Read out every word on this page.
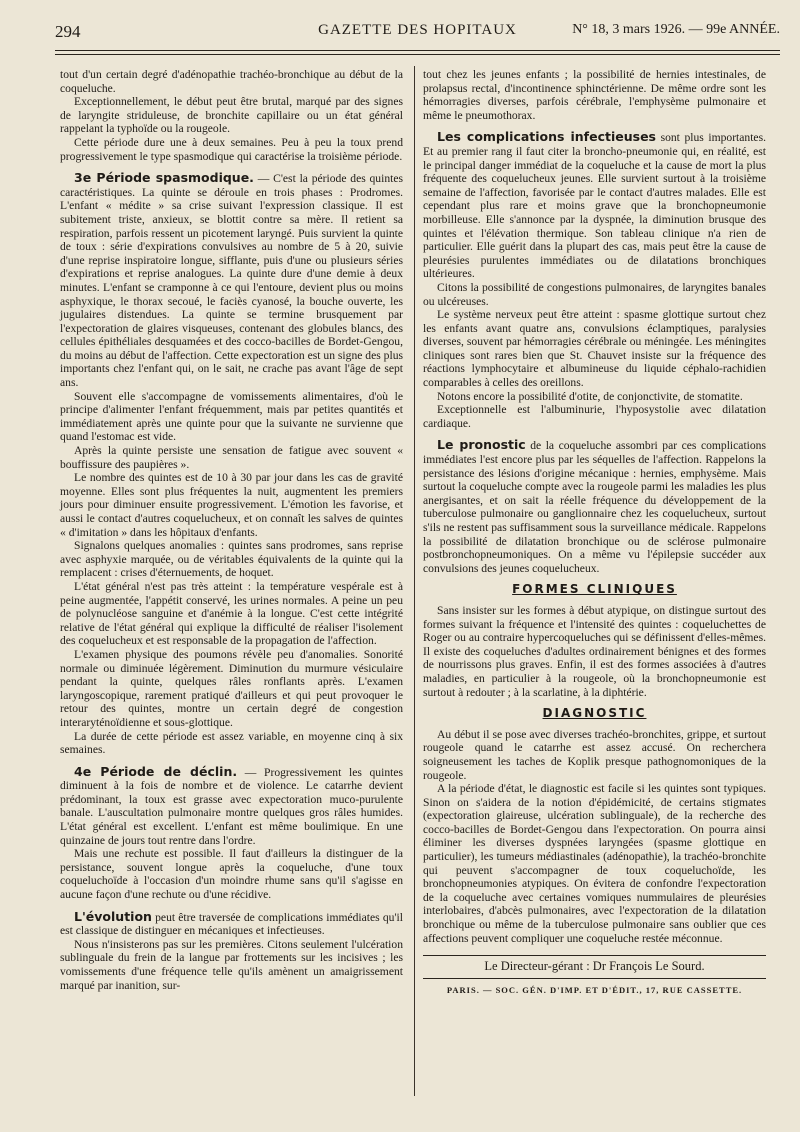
294	GAZETTE DES HOPITAUX	N° 18, 3 mars 1926. — 99e ANNÉE.

tout d'un certain degré d'adénopathie trachéo-bronchique au début de la coqueluche.

Exceptionnellement, le début peut être brutal, marqué par des signes de laryngite striduleuse, de bronchite capillaire ou un état général rappelant la typhoïde ou la rougeole.

Cette période dure une à deux semaines. Peu à peu la toux prend progressivement le type spasmodique qui caractérise la troisième période.

3e Période spasmodique. — C'est la période des quintes caractéristiques. La quinte se déroule en trois phases : Prodromes. L'enfant « médite » sa crise suivant l'expression classique. Il est subitement triste, anxieux, se blottit contre sa mère. Il retient sa respiration, parfois ressent un picotement laryngé. Puis survient la quinte de toux : série d'expirations convulsives au nombre de 5 à 20, suivie d'une reprise inspiratoire longue, sifflante, puis d'une ou plusieurs séries d'expirations et reprise analogues. La quinte dure d'une demie à deux minutes. L'enfant se cramponne à ce qui l'entoure, devient plus ou moins asphyxique, le thorax secoué, le faciès cyanosé, la bouche ouverte, les jugulaires distendues. La quinte se termine brusquement par l'expectoration de glaires visqueuses, contenant des globules blancs, des cellules épithéliales desquamées et des cocco-bacilles de Bordet-Gengou, du moins au début de l'affection. Cette expectoration est un signe des plus importants chez l'enfant qui, on le sait, ne crache pas avant l'âge de sept ans.

Souvent elle s'accompagne de vomissements alimentaires, d'où le principe d'alimenter l'enfant fréquemment, mais par petites quantités et immédiatement après une quinte pour que la suivante ne survienne que quand l'estomac est vide.

Après la quinte persiste une sensation de fatigue avec souvent « bouffissure des paupières ».

Le nombre des quintes est de 10 à 30 par jour dans les cas de gravité moyenne. Elles sont plus fréquentes la nuit, augmentent les premiers jours pour diminuer ensuite progressivement. L'émotion les favorise, et aussi le contact d'autres coquelucheux, et on connaît les salves de quintes « d'imitation » dans les hôpitaux d'enfants.

Signalons quelques anomalies : quintes sans prodromes, sans reprise avec asphyxie marquée, ou de véritables équivalents de la quinte qui la remplacent : crises d'éternuements, de hoquet.

L'état général n'est pas très atteint : la température vespérale est à peine augmentée, l'appétit conservé, les urines normales. A peine un peu de polynucléose sanguine et d'anémie à la longue. C'est cette intégrité relative de l'état général qui explique la difficulté de réaliser l'isolement des coquelucheux et est responsable de la propagation de l'affection.

L'examen physique des poumons révèle peu d'anomalies. Sonorité normale ou diminuée légèrement. Diminution du murmure vésiculaire pendant la quinte, quelques râles ronflants après. L'examen laryngoscopique, rarement pratiqué d'ailleurs et qui peut provoquer le retour des quintes, montre un certain degré de congestion interaryténoïdienne et sous-glottique.

La durée de cette période est assez variable, en moyenne cinq à six semaines.

4e Période de déclin. — Progressivement les quintes diminuent à la fois de nombre et de violence. Le catarrhe devient prédominant, la toux est grasse avec expectoration muco-purulente banale. L'auscultation pulmonaire montre quelques gros râles humides. L'état général est excellent. L'enfant est même boulimique. En une quinzaine de jours tout rentre dans l'ordre.

Mais une rechute est possible. Il faut d'ailleurs la distinguer de la persistance, souvent longue après la coqueluche, d'une toux coqueluchoïde à l'occasion d'un moindre rhume sans qu'il s'agisse en aucune façon d'une rechute ou d'une récidive.

L'évolution peut être traversée de complications immédiates qu'il est classique de distinguer en mécaniques et infectieuses.

Nous n'insisterons pas sur les premières. Citons seulement l'ulcération sublinguale du frein de la langue par frottements sur les incisives ; les vomissements d'une fréquence telle qu'ils amènent un amaigrissement marqué par inanition, sur-

tout chez les jeunes enfants ; la possibilité de hernies intestinales, de prolapsus rectal, d'incontinence sphinctérienne. De même ordre sont les hémorragies diverses, parfois cérébrale, l'emphysème pulmonaire et même le pneumothorax.

Les complications infectieuses sont plus importantes. Et au premier rang il faut citer la broncho-pneumonie qui, en réalité, est le principal danger immédiat de la coqueluche et la cause de mort la plus fréquente des coquelucheux jeunes. Elle survient surtout à la troisième semaine de l'affection, favorisée par le contact d'autres malades. Elle est cependant plus rare et moins grave que la bronchopneumonie morbilleuse. Elle s'annonce par la dyspnée, la diminution brusque des quintes et l'élévation thermique. Son tableau clinique n'a rien de particulier. Elle guérit dans la plupart des cas, mais peut être la cause de pleurésies purulentes immédiates ou de dilatations bronchiques ultérieures.

Citons la possibilité de congestions pulmonaires, de laryngites banales ou ulcéreuses.

Le système nerveux peut être atteint : spasme glottique surtout chez les enfants avant quatre ans, convulsions éclamptiques, paralysies diverses, souvent par hémorragies cérébrale ou méningée. Les méningites cliniques sont rares bien que St. Chauvet insiste sur la fréquence des réactions lymphocytaire et albumineuse du liquide céphalo-rachidien comparables à celles des oreillons.

Notons encore la possibilité d'otite, de conjonctivite, de stomatite.

Exceptionnelle est l'albuminurie, l'hyposystolie avec dilatation cardiaque.

Le pronostic de la coqueluche assombri par ces complications immédiates l'est encore plus par les séquelles de l'affection. Rappelons la persistance des lésions d'origine mécanique : hernies, emphysème. Mais surtout la coqueluche compte avec la rougeole parmi les maladies les plus anergisantes, et on sait la réelle fréquence du développement de la tuberculose pulmonaire ou ganglionnaire chez les coquelucheux, surtout s'ils ne restent pas suffisamment sous la surveillance médicale. Rappelons la possibilité de dilatation bronchique ou de sclérose pulmonaire postbronchopneumoniques. On a même vu l'épilepsie succéder aux convulsions des jeunes coquelucheux.

FORMES CLINIQUES

Sans insister sur les formes à début atypique, on distingue surtout des formes suivant la fréquence et l'intensité des quintes : coqueluchettes de Roger ou au contraire hypercoqueluches qui se définissent d'elles-mêmes. Il existe des coqueluches d'adultes ordinairement bénignes et des formes de nourrissons plus graves. Enfin, il est des formes associées à d'autres maladies, en particulier à la rougeole, où la bronchopneumonie est surtout à redouter ; à la scarlatine, à la diphtérie.

DIAGNOSTIC

Au début il se pose avec diverses trachéo-bronchites, grippe, et surtout rougeole quand le catarrhe est assez accusé. On recherchera soigneusement les taches de Koplik presque pathognomoniques de la rougeole.

A la période d'état, le diagnostic est facile si les quintes sont typiques. Sinon on s'aidera de la notion d'épidémicité, de certains stigmates (expectoration glaireuse, ulcération sublinguale), de la recherche des cocco-bacilles de Bordet-Gengou dans l'expectoration. On pourra ainsi éliminer les diverses dyspnées laryngées (spasme glottique en particulier), les tumeurs médiastinales (adénopathie), la trachéo-bronchite qui peuvent s'accompagner de toux coqueluchoïde, les bronchopneumonies atypiques. On évitera de confondre l'expectoration de la coqueluche avec certaines vomiques nummulaires de pleurésies interlobaires, d'abcès pulmonaires, avec l'expectoration de la dilatation bronchique ou même de la tuberculose pulmonaire sans oublier que ces affections peuvent compliquer une coqueluche restée méconnue.

Le Directeur-gérant : Dr François Le Sourd.
PARIS. — SOC. GÉN. D'IMP. ET D'ÉDIT., 17, RUE CASSETTE.
